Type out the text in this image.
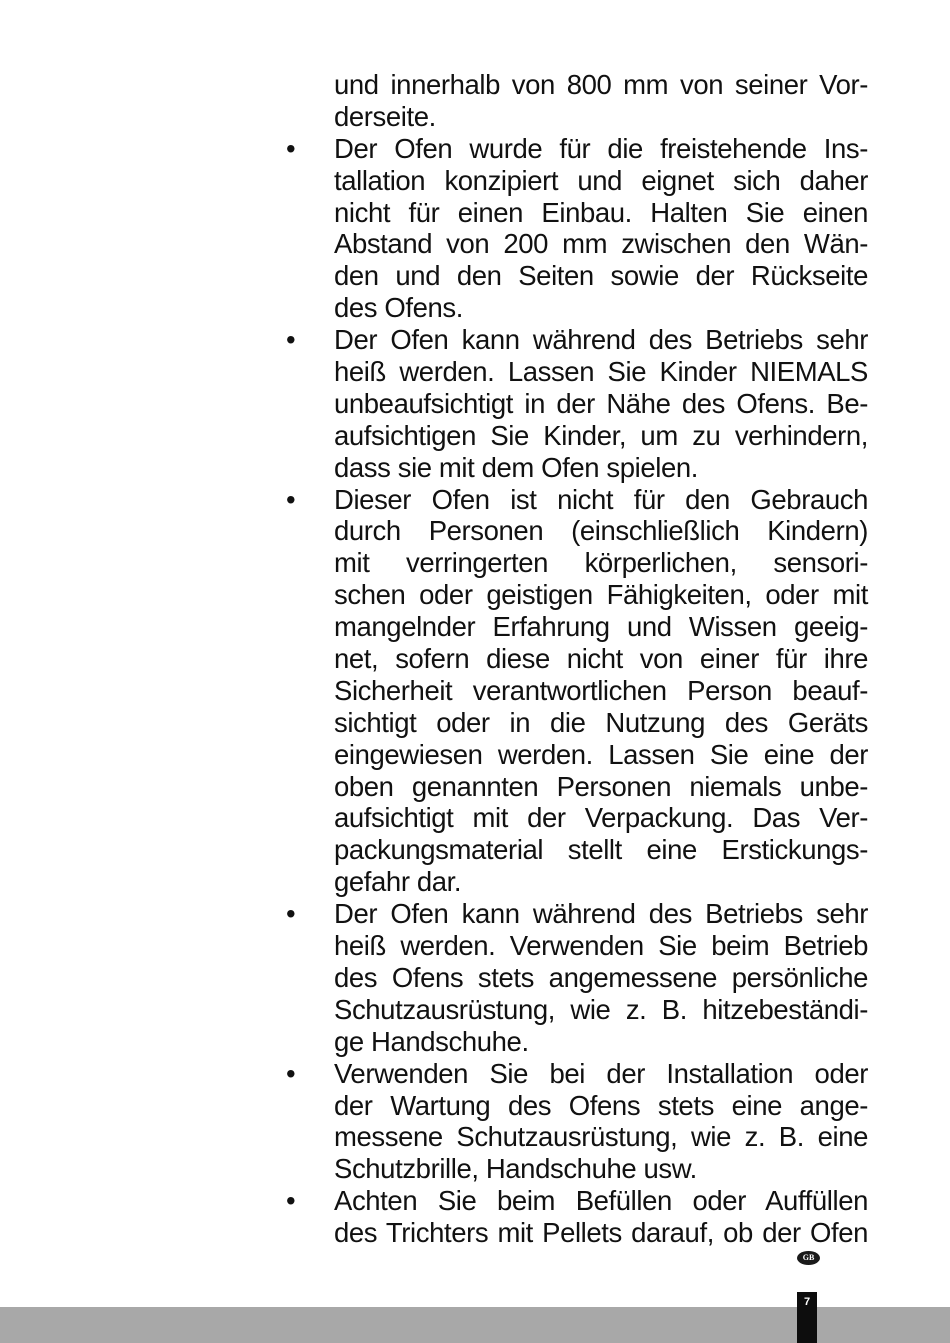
und innerhalb von 800 mm von seiner Vor-
derseite.
• Der Ofen wurde für die freistehende Ins-
tallation konzipiert und eignet sich daher
nicht für einen Einbau. Halten Sie einen
Abstand von 200 mm zwischen den Wän-
den und den Seiten sowie der Rückseite
des Ofens.
• Der Ofen kann während des Betriebs sehr
heiß werden. Lassen Sie Kinder NIEMALS
unbeaufsichtigt in der Nähe des Ofens. Be-
aufsichtigen Sie Kinder, um zu verhindern,
dass sie mit dem Ofen spielen.
• Dieser Ofen ist nicht für den Gebrauch
durch Personen (einschließlich Kindern)
mit verringerten körperlichen, sensori-
schen oder geistigen Fähigkeiten, oder mit
mangelnder Erfahrung und Wissen geeig-
net, sofern diese nicht von einer für ihre
Sicherheit verantwortlichen Person beauf-
sichtigt oder in die Nutzung des Geräts
eingewiesen werden. Lassen Sie eine der
oben genannten Personen niemals unbe-
aufsichtigt mit der Verpackung. Das Ver-
packungsmaterial stellt eine Erstickungs-
gefahr dar.
• Der Ofen kann während des Betriebs sehr
heiß werden. Verwenden Sie beim Betrieb
des Ofens stets angemessene persönliche
Schutzausrüstung, wie z. B. hitzebeständi-
ge Handschuhe.
• Verwenden Sie bei der Installation oder
der Wartung des Ofens stets eine ange-
messene Schutzausrüstung, wie z. B. eine
Schutzbrille, Handschuhe usw.
• Achten Sie beim Befüllen oder Auffüllen
des Trichters mit Pellets darauf, ob der Ofen
GB
7
